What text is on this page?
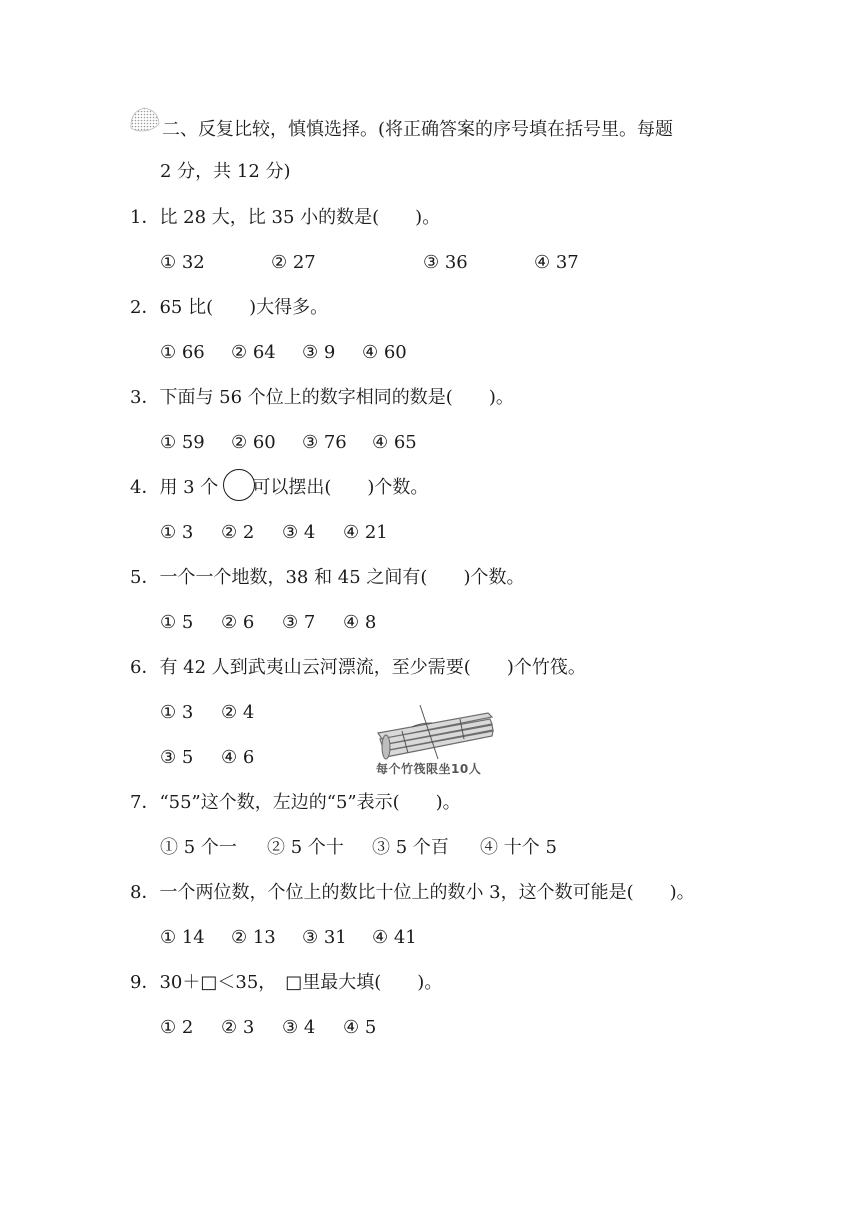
二、反复比较，慎慎选择。(将正确答案的序号填在括号里。每题
2 分，共 12 分)
1．比 28 大，比 35 小的数是(　　)。
① 32	② 27	③ 36	④ 37
2．65 比(　　)大得多。
① 66 ② 64 ③ 9 ④ 60
3．下面与 56 个位上的数字相同的数是(　　)。
① 59 ② 60 ③ 76 ④ 65
4．用 3 个 可以摆出(　　)个数。
① 3 ② 2 ③ 4 ④ 21
5．一个一个地数，38 和 45 之间有(　　)个数。
① 5 ② 6 ③ 7 ④ 8
6．有 42 人到武夷山云河漂流，至少需要(　　)个竹筏。
① 3 ② 4
③ 5 ④ 6
每个竹筏限坐10人
7．“55”这个数，左边的“5”表示(　　)。
① 5 个一 ② 5 个十 ③ 5 个百 ④ 十个 5
8．一个两位数，个位上的数比十位上的数小 3，这个数可能是(　　)。
① 14 ② 13 ③ 31 ④ 41
9．30＋□＜35，　□里最大填(　　)。
① 2 ② 3 ③ 4 ④ 5
